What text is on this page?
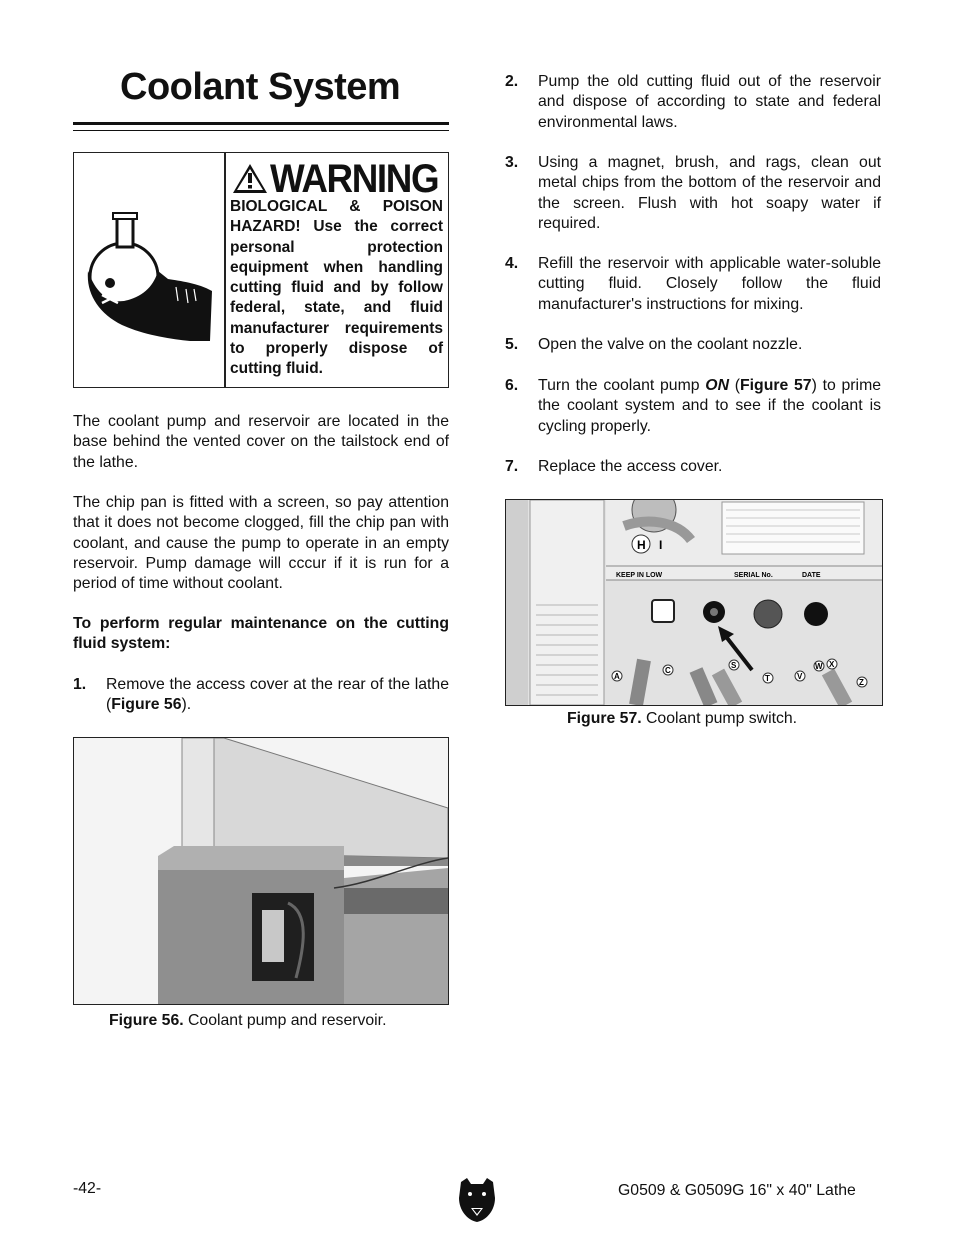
Coolant System
WARNING
BIOLOGICAL & POISON HAZARD! Use the correct personal protection equipment when handling cutting fluid and by follow federal, state, and fluid manufacturer requirements to properly dispose of cutting fluid.

The coolant pump and reservoir are located in the base behind the vented cover on the tailstock end of the lathe.

The chip pan is fitted with a screen, so pay attention that it does not become clogged, fill the chip pan with coolant, and cause the pump to operate in an empty reservoir. Pump damage will cccur if it is run for a period of time without coolant.

To perform regular maintenance on the cutting fluid system:

1. Remove the access cover at the rear of the lathe (Figure 56).
Figure 56. Coolant pump and reservoir.
2. Pump the old cutting fluid out of the reservoir and dispose of according to state and federal environmental laws.
3. Using a magnet, brush, and rags, clean out metal chips from the bottom of the reservoir and the screen. Flush with hot soapy water if required.
4. Refill the reservoir with applicable water-soluble cutting fluid. Closely follow the fluid manufacturer's instructions for mixing.
5. Open the valve on the coolant nozzle.
6. Turn the coolant pump ON (Figure 57) to prime the coolant system and to see if the coolant is cycling properly.
7. Replace the access cover.
H I
KEEP IN LOW	SERIAL No.	DATE
A
C
S
T	V
W X
Z
Figure 57. Coolant pump switch.
-42-	G0509 & G0509G 16" x 40" Lathe
